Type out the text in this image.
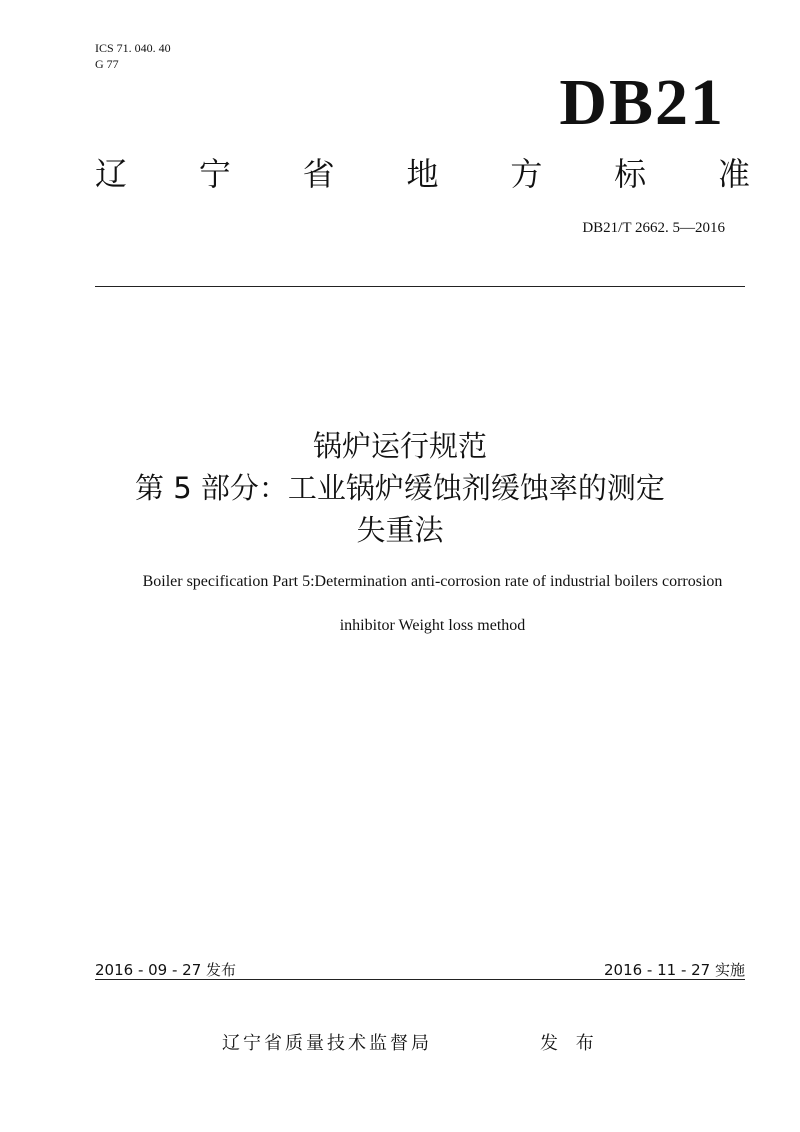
ICS 71. 040. 40
G 77
DB21
辽 宁 省 地 方 标 准
DB21/T 2662. 5—2016
锅炉运行规范
第 5 部分：工业锅炉缓蚀剂缓蚀率的测定
失重法
Boiler specification Part 5:Determination anti-corrosion rate of industrial boilers corrosion
inhibitor Weight loss method
2016 - 09 - 27 发布	2016 - 11 - 27 实施
辽宁省质量技术监督局	发 布
